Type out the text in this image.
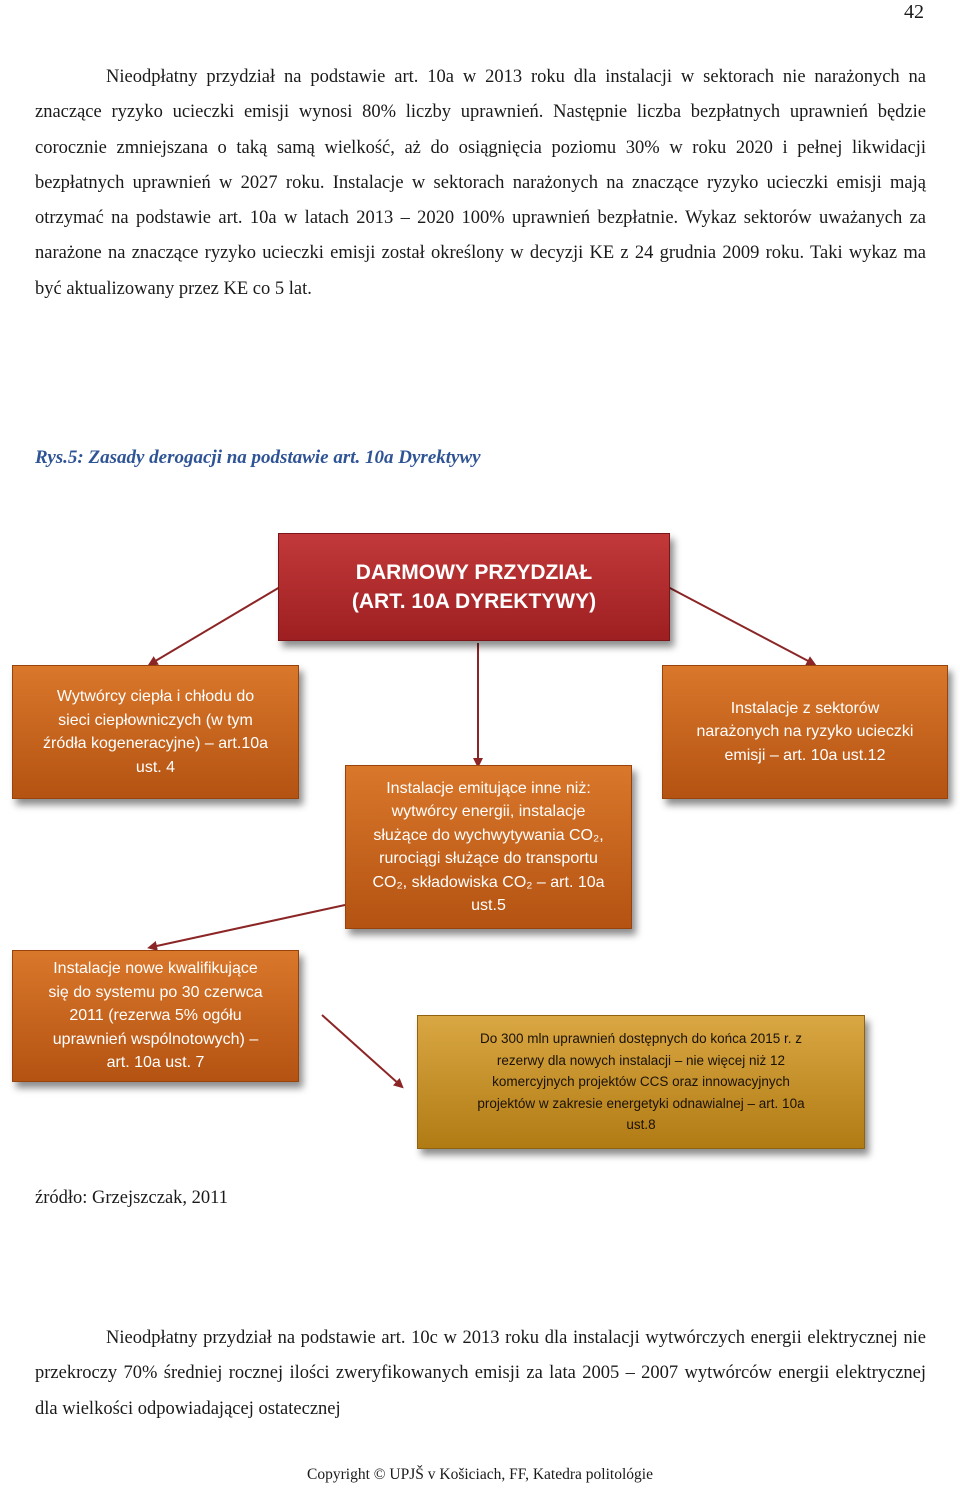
42

Nieodpłatny przydział na podstawie art. 10a w 2013 roku dla instalacji w sektorach nie narażonych na znaczące ryzyko ucieczki emisji wynosi 80% liczby uprawnień. Następnie liczba bezpłatnych uprawnień będzie corocznie zmniejszana o taką samą wielkość, aż do osiągnięcia poziomu 30% w roku 2020 i pełnej likwidacji bezpłatnych uprawnień w 2027 roku. Instalacje w sektorach narażonych na znaczące ryzyko ucieczki emisji mają otrzymać na podstawie art. 10a w latach 2013 – 2020 100% uprawnień bezpłatnie. Wykaz sektorów uważanych za narażone na znaczące ryzyko ucieczki emisji został określony w decyzji KE z 24 grudnia 2009 roku. Taki wykaz ma być aktualizowany przez KE co 5 lat.

Rys.5: Zasady derogacji na podstawie art. 10a Dyrektywy
DARMOWY PRZYDZIAŁ
(ART. 10A DYREKTYWY)
Wytwórcy ciepła i chłodu do
sieci ciepłowniczych (w tym
źródła kogeneracyjne) – art.10a
ust. 4
Instalacje z sektorów
narażonych na ryzyko ucieczki
emisji – art. 10a ust.12
Instalacje emitujące inne niż:
wytwórcy energii, instalacje
służące do wychwytywania CO₂,
rurociągi służące do transportu
CO₂, składowiska CO₂ – art. 10a
ust.5
Instalacje nowe kwalifikujące
się do systemu po 30 czerwca
2011 (rezerwa 5% ogółu
uprawnień wspólnotowych) –
art. 10a ust. 7
Do 300 mln uprawnień dostępnych do końca 2015 r. z
rezerwy dla nowych instalacji – nie więcej niż 12
komercyjnych projektów CCS oraz innowacyjnych
projektów w zakresie energetyki odnawialnej – art. 10a
ust.8
źródło: Grzejszczak, 2011

Nieodpłatny przydział na podstawie art. 10c w 2013 roku dla instalacji wytwórczych energii elektrycznej nie przekroczy 70% średniej rocznej ilości zweryfikowanych emisji za lata 2005 – 2007 wytwórców energii elektrycznej dla wielkości odpowiadającej ostatecznej

Copyright © UPJŠ v Košiciach, FF, Katedra politológie
